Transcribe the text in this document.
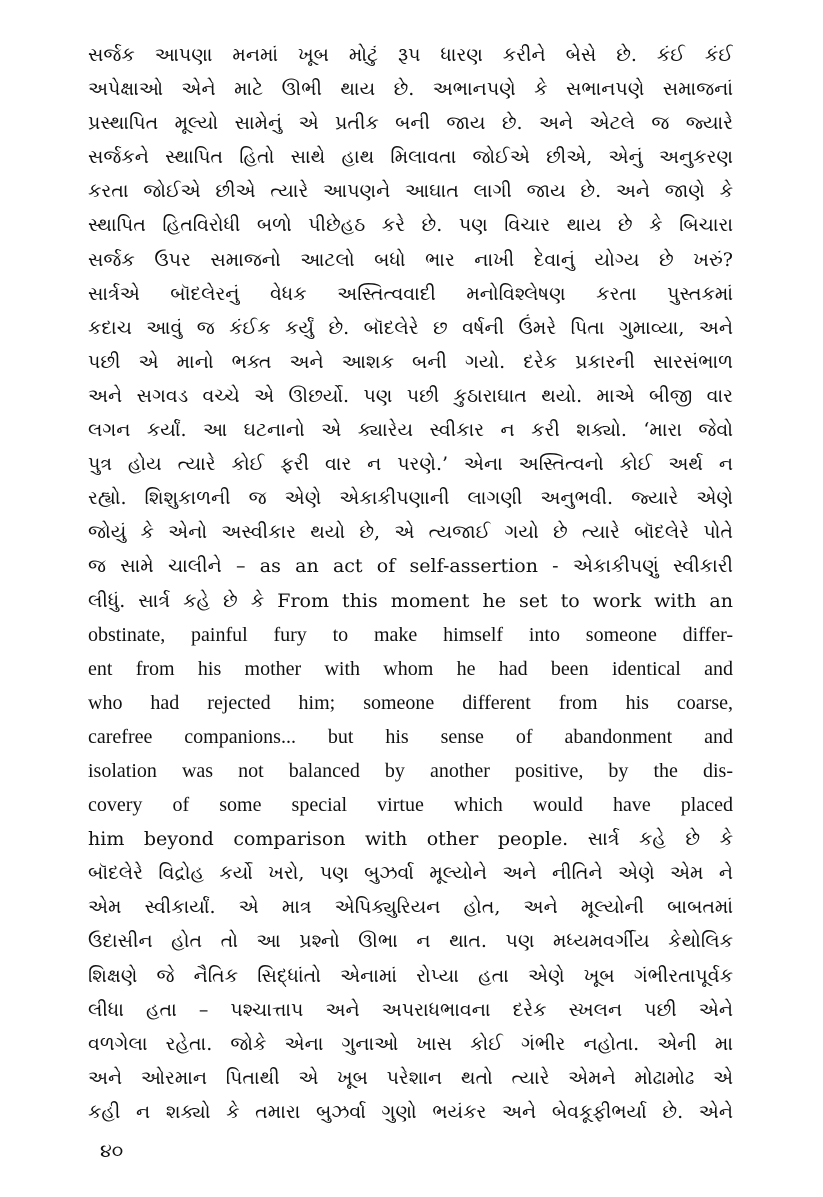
સર્જક આપણા મનમાં ખૂબ મોટું રૂપ ધારણ કરીને બેસે છે. કંઈ કંઈ
અપેક્ષાઓ એને માટે ઊભી થાય છે. અભાનપણે કે સભાનપણે સમાજનાં
પ્રસ્થાપિત મૂલ્યો સામેનું એ પ્રતીક બની જાય છે. અને એટલે જ જ્યારે
સર્જકને સ્થાપિત હિતો સાથે હાથ મિલાવતા જોઈએ છીએ, એનું અનુકરણ
કરતા જોઈએ છીએ ત્યારે આપણને આઘાત લાગી જાય છે. અને જાણે કે
સ્થાપિત હિતવિરોધી બળો પીછેહઠ કરે છે. પણ વિચાર થાય છે કે બિચારા
સર્જક ઉપર સમાજનો આટલો બધો ભાર નાખી દેવાનું યોગ્ય છે ખરું?
સાર્ત્રએ બૉદલેરનું વેધક અસ્તિત્વવાદી મનોવિશ્લેષણ કરતા પુસ્તકમાં
કદાચ આવું જ કંઈક કર્યું છે. બૉદલેરે છ વર્ષની ઉંમરે પિતા ગુમાવ્યા, અને
પછી એ માનો ભક્ત અને આશક બની ગયો. દરેક પ્રકારની સારસંભાળ
અને સગવડ વચ્ચે એ ઊછર્યો. પણ પછી કુઠારાઘાત થયો. માએ બીજી વાર
લગન કર્યાં. આ ઘટનાનો એ ક્યારેય સ્વીકાર ન કરી શક્યો. ‘મારા જેવો
પુત્ર હોય ત્યારે કોઈ ફરી વાર ન પરણે.’ એના અસ્તિત્વનો કોઈ અર્થ ન
રહ્યો. શિશુકાળની જ એણે એકાકીપણાની લાગણી અનુભવી. જ્યારે એણે
જોયું કે એનો અસ્વીકાર થયો છે, એ ત્યજાઈ ગયો છે ત્યારે બૉદલેરે પોતે
જ સામે ચાલીને – as an act of self-assertion - એકાકીપણું સ્વીકારી
લીધું. સાર્ત્ર કહે છે કે From this moment he set to work with an
obstinate, painful fury to make himself into someone differ-
ent from his mother with whom he had been identical and
who had rejected him; someone different from his coarse,
carefree companions... but his sense of abandonment and
isolation was not balanced by another positive, by the dis-
covery of some special virtue which would have placed
him beyond comparison with other people. સાર્ત્ર કહે છે કે
બૉદલેરે વિદ્રોહ કર્યો ખરો, પણ બુઝર્વા મૂલ્યોને અને નીતિને એણે એમ ને
એમ સ્વીકાર્યાં. એ માત્ર એપિક્યુરિયન હોત, અને મૂલ્યોની બાબતમાં
ઉદાસીન હોત તો આ પ્રશ્નો ઊભા ન થાત. પણ મધ્યમવર્ગીય કેથોલિક
શિક્ષણે જે નૈતિક સિદ્ધાંતો એનામાં રોપ્યા હતા એણે ખૂબ ગંભીરતાપૂર્વક
લીધા હતા – પશ્ચાત્તાપ અને અપરાધભાવના દરેક સ્ખલન પછી એને
વળગેલા રહેતા. જોકે એના ગુનાઓ ખાસ કોઈ ગંભીર નહોતા. એની મા
અને ઓરમાન પિતાથી એ ખૂબ પરેશાન થતો ત્યારે એમને મોઢામોઢ એ
કહી ન શક્યો કે તમારા બુઝર્વા ગુણો ભયંકર અને બેવકૂફીભર્યા છે. એને
૪૦
